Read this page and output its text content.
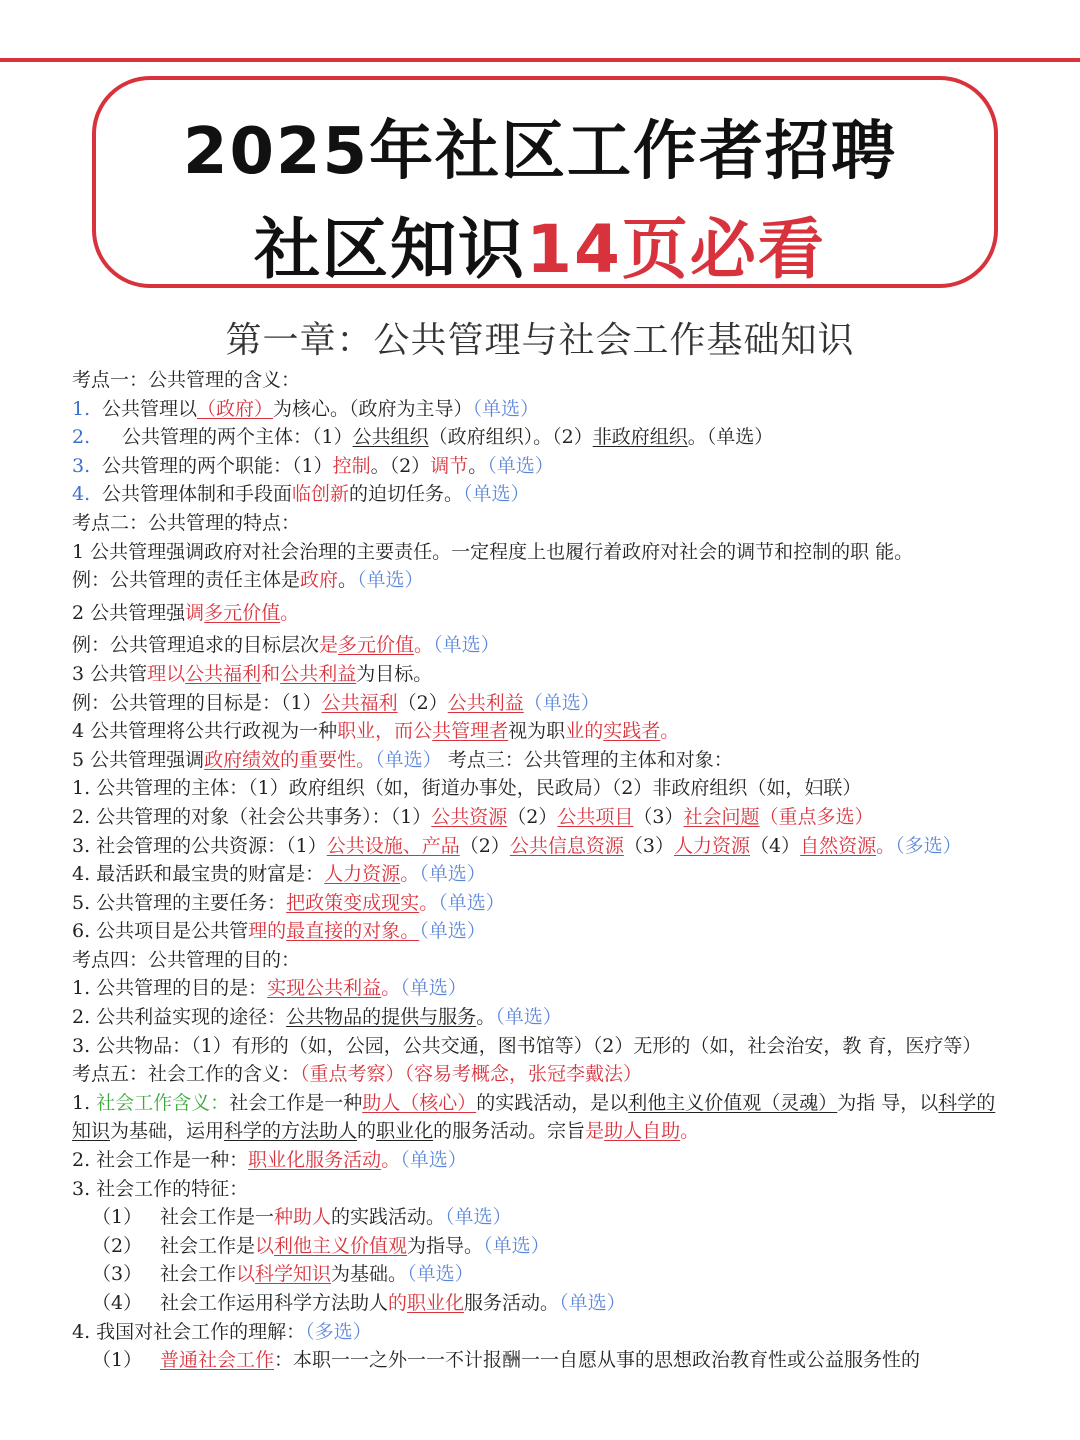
2025年社区工作者招聘
社区知识14页必看
第一章：公共管理与社会工作基础知识
考点一：公共管理的含义：
1. 公共管理以（政府）为核心。（政府为主导）（单选）
2. 公共管理的两个主体：（1）公共组织（政府组织）。（2）非政府组织。（单选）
3. 公共管理的两个职能：（1）控制。（2）调节。（单选）
4. 公共管理体制和手段面临创新的迫切任务。（单选）
考点二：公共管理的特点：
1 公共管理强调政府对社会治理的主要责任。一定程度上也履行着政府对社会的调节和控制的职 能。
例：公共管理的责任主体是政府。（单选）
2 公共管理强调多元价值。
例：公共管理追求的目标层次是多元价值。（单选）
3 公共管理以公共福利和公共利益为目标。
例：公共管理的目标是：（1）公共福利（2）公共利益（单选）
4 公共管理将公共行政视为一种职业，而公共管理者视为职业的实践者。
5 公共管理强调政府绩效的重要性。（单选） 考点三：公共管理的主体和对象：
1. 公共管理的主体：（1）政府组织（如，街道办事处，民政局）（2）非政府组织（如，妇联）
2. 公共管理的对象（社会公共事务）：（1）公共资源（2）公共项目（3）社会问题（重点多选）
3. 社会管理的公共资源：（1）公共设施、产品（2）公共信息资源（3）人力资源（4）自然资源。（多选）
4. 最活跃和最宝贵的财富是：人力资源。（单选）
5. 公共管理的主要任务：把政策变成现实。（单选）
6. 公共项目是公共管理的最直接的对象。（单选）
考点四：公共管理的目的：
1. 公共管理的目的是：实现公共利益。（单选）
2. 公共利益实现的途径：公共物品的提供与服务。（单选）
3. 公共物品：（1）有形的（如，公园，公共交通，图书馆等）（2）无形的（如，社会治安，教 育，医疗等）
考点五：社会工作的含义：（重点考察）（容易考概念，张冠李戴法）
1. 社会工作含义：社会工作是一种助人（核心）的实践活动，是以利他主义价值观（灵魂）为指 导，以科学的知识为基础，运用科学的方法助人的职业化的服务活动。宗旨是助人自助。
2. 社会工作是一种：职业化服务活动。（单选）
3. 社会工作的特征：
（1） 社会工作是一种助人的实践活动。（单选）
（2） 社会工作是以利他主义价值观为指导。（单选）
（3） 社会工作以科学知识为基础。（单选）
（4） 社会工作运用科学方法助人的职业化服务活动。（单选）
4. 我国对社会工作的理解：（多选）
（1） 普通社会工作：本职一一之外一一不计报酬一一自愿从事的思想政治教育性或公益服务性的
